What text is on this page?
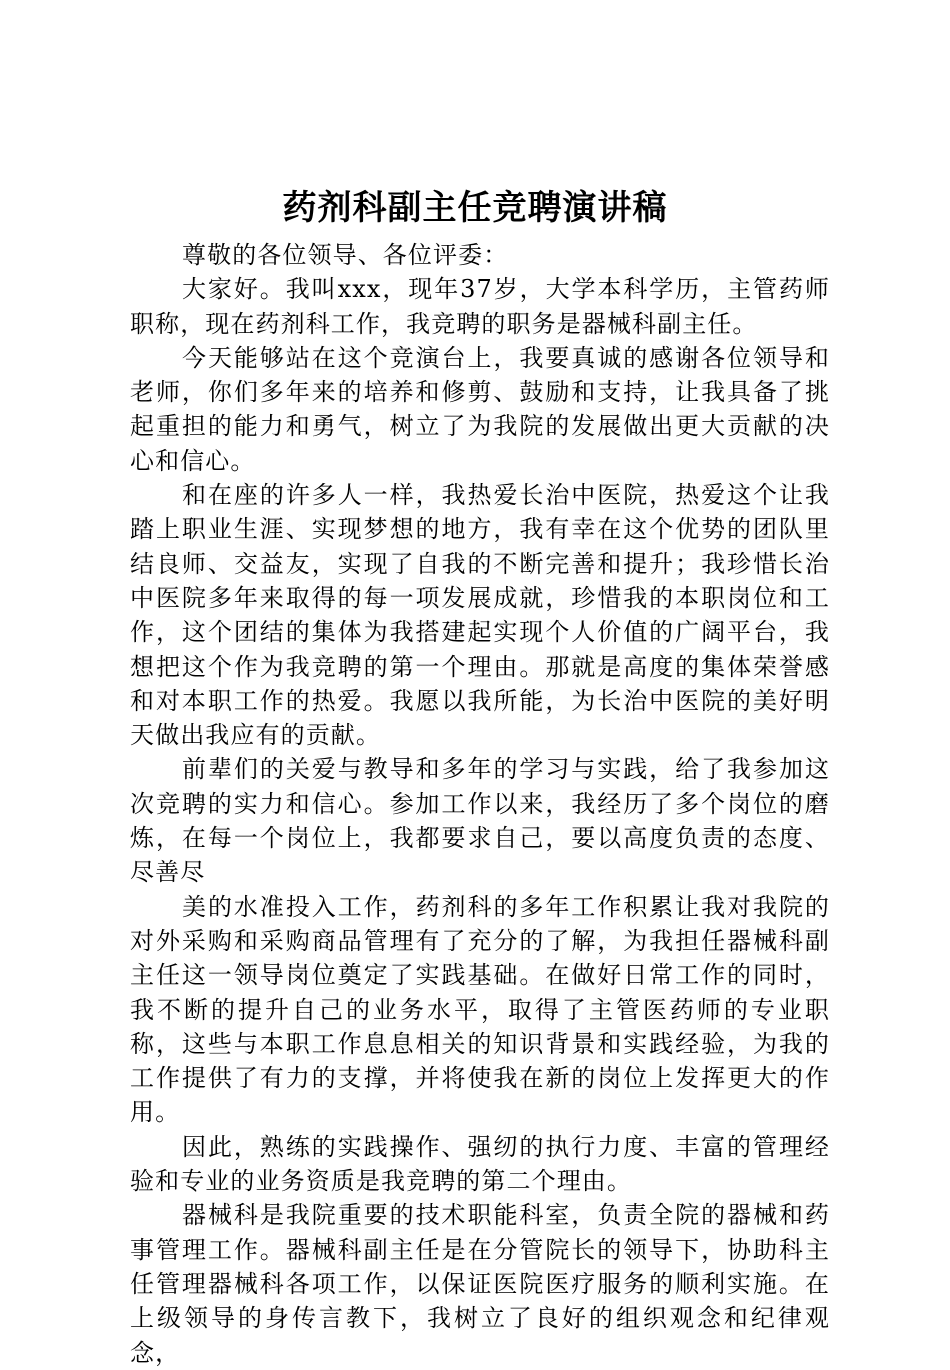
药剂科副主任竞聘演讲稿

尊敬的各位领导、各位评委：

大家好。我叫xxx，现年37岁，大学本科学历，主管药师职称，现在药剂科工作，我竞聘的职务是器械科副主任。

今天能够站在这个竞演台上，我要真诚的感谢各位领导和老师，你们多年来的培养和修剪、鼓励和支持，让我具备了挑起重担的能力和勇气，树立了为我院的发展做出更大贡献的决心和信心。

和在座的许多人一样，我热爱长治中医院，热爱这个让我踏上职业生涯、实现梦想的地方，我有幸在这个优势的团队里结良师、交益友，实现了自我的不断完善和提升；我珍惜长治中医院多年来取得的每一项发展成就，珍惜我的本职岗位和工作，这个团结的集体为我搭建起实现个人价值的广阔平台，我想把这个作为我竞聘的第一个理由。那就是高度的集体荣誉感和对本职工作的热爱。我愿以我所能，为长治中医院的美好明天做出我应有的贡献。

前辈们的关爱与教导和多年的学习与实践，给了我参加这次竞聘的实力和信心。参加工作以来，我经历了多个岗位的磨炼，在每一个岗位上，我都要求自己，要以高度负责的态度、尽善尽

美的水准投入工作，药剂科的多年工作积累让我对我院的对外采购和采购商品管理有了充分的了解，为我担任器械科副主任这一领导岗位奠定了实践基础。在做好日常工作的同时，我不断的提升自己的业务水平，取得了主管医药师的专业职称，这些与本职工作息息相关的知识背景和实践经验，为我的工作提供了有力的支撑，并将使我在新的岗位上发挥更大的作用。

因此，熟练的实践操作、强纫的执行力度、丰富的管理经验和专业的业务资质是我竞聘的第二个理由。

器械科是我院重要的技术职能科室，负责全院的器械和药事管理工作。器械科副主任是在分管院长的领导下，协助科主任管理器械科各项工作，以保证医院医疗服务的顺利实施。在上级领导的身传言教下，我树立了良好的组织观念和纪律观念，
